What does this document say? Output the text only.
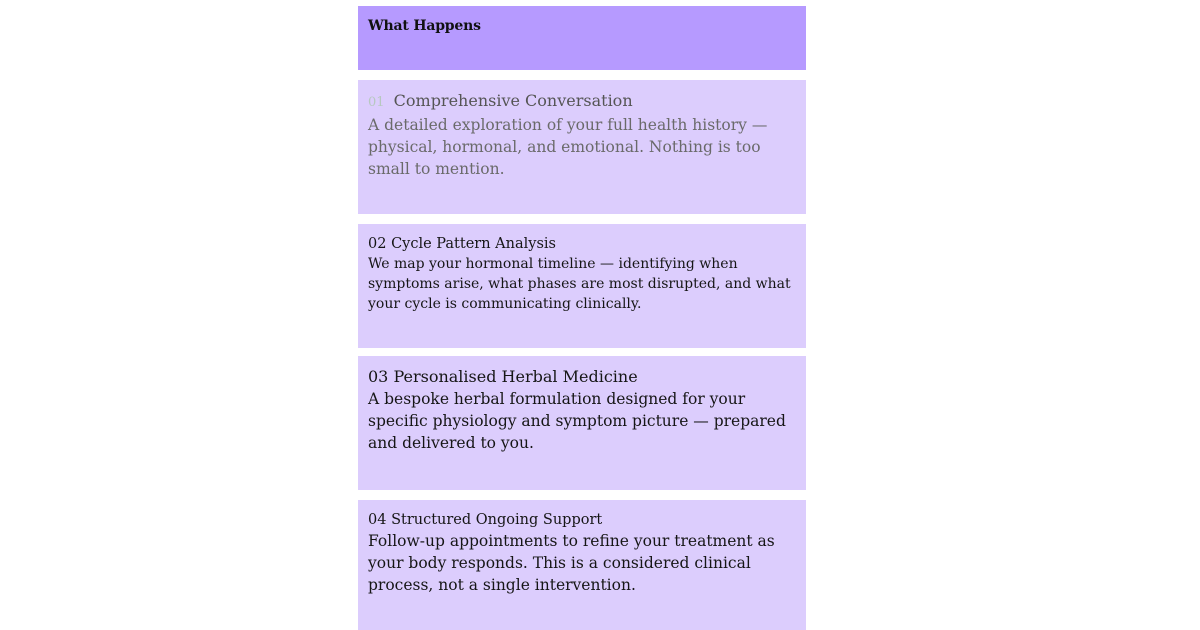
What Happens
01 Comprehensive Conversation
A detailed exploration of your full health history — physical, hormonal, and emotional. Nothing is too small to mention.
02 Cycle Pattern Analysis
We map your hormonal timeline — identifying when symptoms arise, what phases are most disrupted, and what your cycle is communicating clinically.
03 Personalised Herbal Medicine
A bespoke herbal formulation designed for your specific physiology and symptom picture — prepared and delivered to you.
04 Structured Ongoing Support
Follow-up appointments to refine your treatment as your body responds. This is a considered clinical process, not a single intervention.
